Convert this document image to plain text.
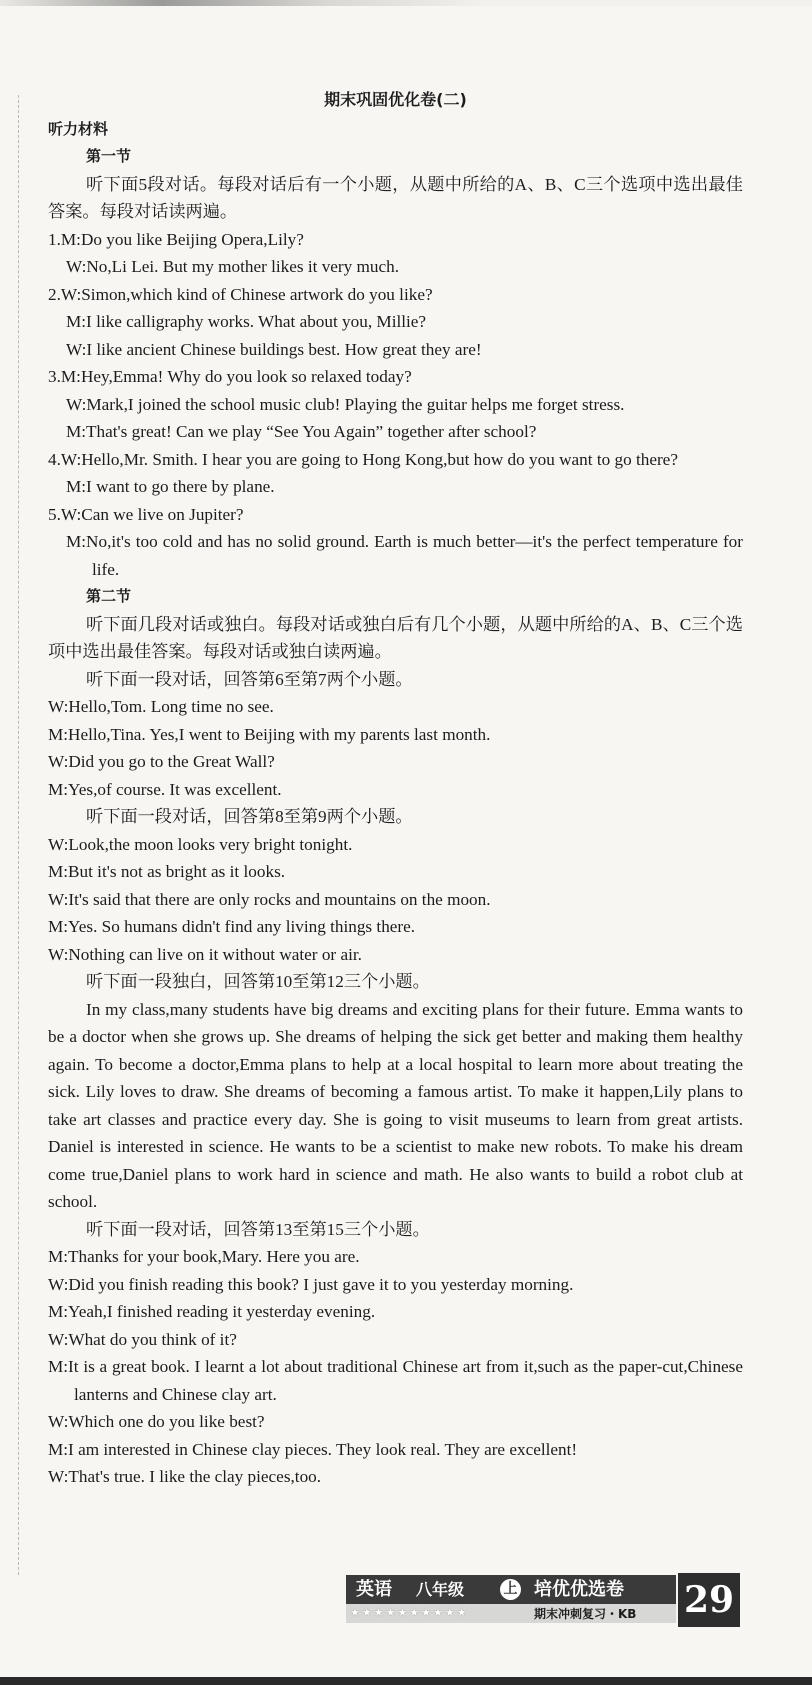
期末巩固优化卷(二)
听力材料
第一节
听下面5段对话。每段对话后有一个小题，从题中所给的A、B、C三个选项中选出最佳答案。每段对话读两遍。
1.M:Do you like Beijing Opera,Lily?
W:No,Li Lei. But my mother likes it very much.
2.W:Simon,which kind of Chinese artwork do you like?
M:I like calligraphy works. What about you, Millie?
W:I like ancient Chinese buildings best. How great they are!
3.M:Hey,Emma! Why do you look so relaxed today?
W:Mark,I joined the school music club! Playing the guitar helps me forget stress.
M:That's great! Can we play “See You Again” together after school?
4.W:Hello,Mr. Smith. I hear you are going to Hong Kong,but how do you want to go there?
M:I want to go there by plane.
5.W:Can we live on Jupiter?
M:No,it's too cold and has no solid ground. Earth is much better—it's the perfect temperature for life.
第二节
听下面几段对话或独白。每段对话或独白后有几个小题，从题中所给的A、B、C三个选项中选出最佳答案。每段对话或独白读两遍。
听下面一段对话，回答第6至第7两个小题。
W:Hello,Tom. Long time no see.
M:Hello,Tina. Yes,I went to Beijing with my parents last month.
W:Did you go to the Great Wall?
M:Yes,of course. It was excellent.
听下面一段对话，回答第8至第9两个小题。
W:Look,the moon looks very bright tonight.
M:But it's not as bright as it looks.
W:It's said that there are only rocks and mountains on the moon.
M:Yes. So humans didn't find any living things there.
W:Nothing can live on it without water or air.
听下面一段独白，回答第10至第12三个小题。
In my class,many students have big dreams and exciting plans for their future. Emma wants to be a doctor when she grows up. She dreams of helping the sick get better and making them healthy again. To become a doctor,Emma plans to help at a local hospital to learn more about treating the sick. Lily loves to draw. She dreams of becoming a famous artist. To make it happen,Lily plans to take art classes and practice every day. She is going to visit museums to learn from great artists. Daniel is interested in science. He wants to be a scientist to make new robots. To make his dream come true,Daniel plans to work hard in science and math. He also wants to build a robot club at school.
听下面一段对话，回答第13至第15三个小题。
M:Thanks for your book,Mary. Here you are.
W:Did you finish reading this book? I just gave it to you yesterday morning.
M:Yeah,I finished reading it yesterday evening.
W:What do you think of it?
M:It is a great book. I learnt a lot about traditional Chinese art from it,such as the paper-cut,Chinese lanterns and Chinese clay art.
W:Which one do you like best?
M:I am interested in Chinese clay pieces. They look real. They are excellent!
W:That's true. I like the clay pieces,too.
英语 八年级	上 培优优选卷
★★★★★★★★★★	期末冲刺复习・KB 29
